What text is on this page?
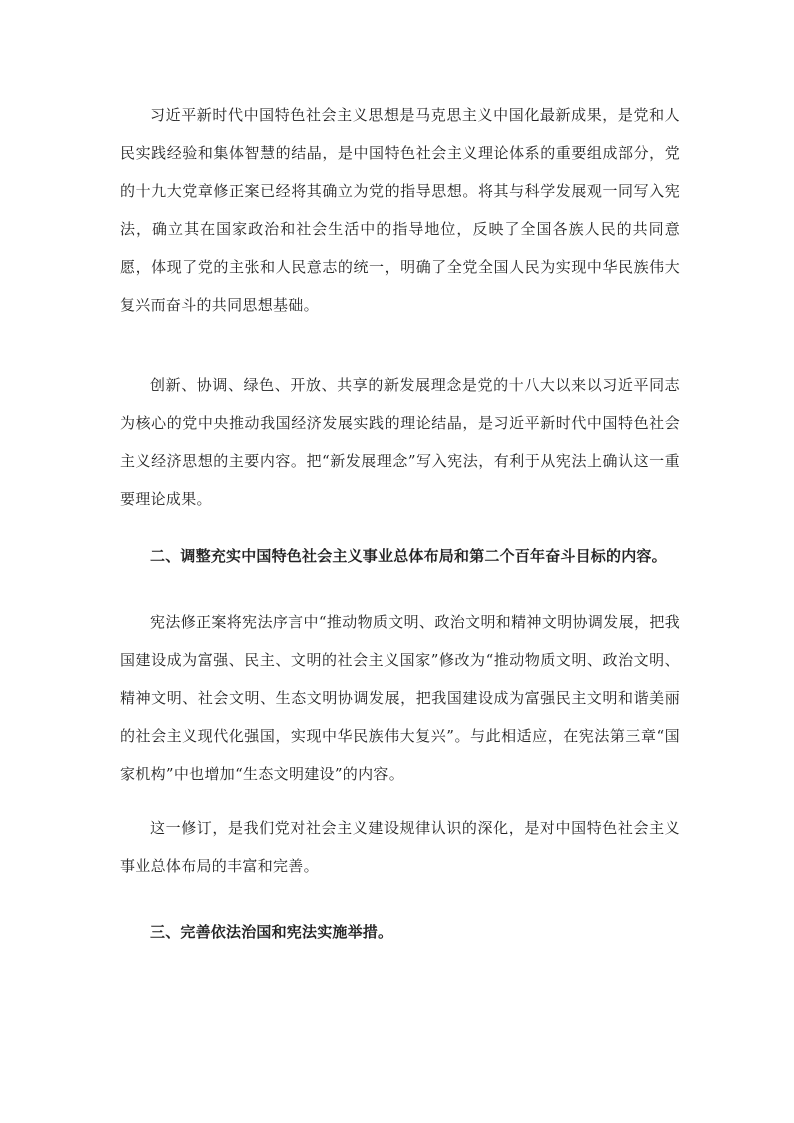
习近平新时代中国特色社会主义思想是马克思主义中国化最新成果，是党和人民实践经验和集体智慧的结晶，是中国特色社会主义理论体系的重要组成部分，党的十九大党章修正案已经将其确立为党的指导思想。将其与科学发展观一同写入宪法，确立其在国家政治和社会生活中的指导地位，反映了全国各族人民的共同意愿，体现了党的主张和人民意志的统一，明确了全党全国人民为实现中华民族伟大复兴而奋斗的共同思想基础。

创新、协调、绿色、开放、共享的新发展理念是党的十八大以来以习近平同志为核心的党中央推动我国经济发展实践的理论结晶，是习近平新时代中国特色社会主义经济思想的主要内容。把“新发展理念”写入宪法，有利于从宪法上确认这一重要理论成果。

二、调整充实中国特色社会主义事业总体布局和第二个百年奋斗目标的内容。

宪法修正案将宪法序言中“推动物质文明、政治文明和精神文明协调发展，把我国建设成为富强、民主、文明的社会主义国家”修改为“推动物质文明、政治文明、精神文明、社会文明、生态文明协调发展，把我国建设成为富强民主文明和谐美丽的社会主义现代化强国，实现中华民族伟大复兴”。与此相适应，在宪法第三章“国家机构”中也增加“生态文明建设”的内容。

这一修订，是我们党对社会主义建设规律认识的深化，是对中国特色社会主义事业总体布局的丰富和完善。

三、完善依法治国和宪法实施举措。
